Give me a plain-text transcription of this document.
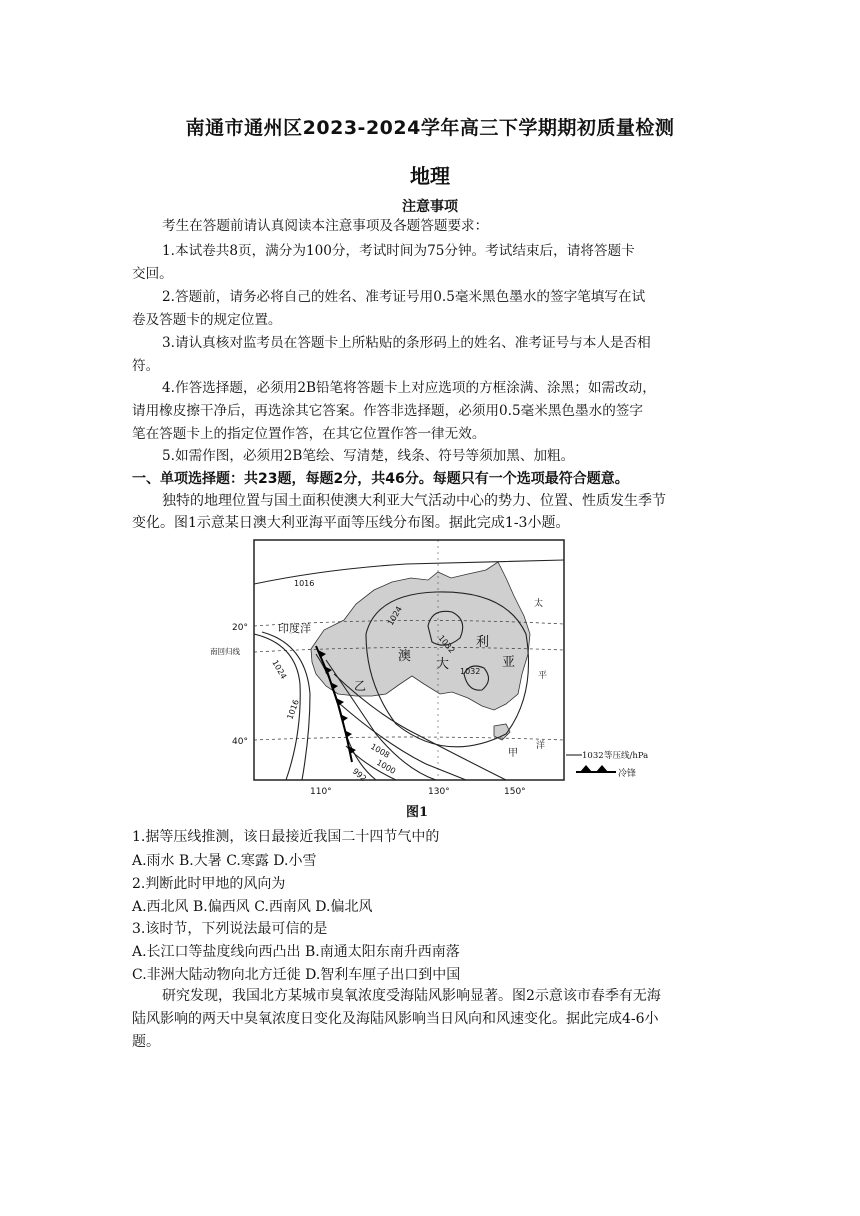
南通市通州区2023-2024学年高三下学期期初质量检测
地理
注意事项
考生在答题前请认真阅读本注意事项及各题答题要求：
1.本试卷共8页，满分为100分，考试时间为75分钟。考试结束后，请将答题卡
交回。
2.答题前，请务必将自己的姓名、准考证号用0.5毫米黑色墨水的签字笔填写在试
卷及答题卡的规定位置。
3.请认真核对监考员在答题卡上所粘贴的条形码上的姓名、准考证号与本人是否相
符。
4.作答选择题，必须用2B铅笔将答题卡上对应选项的方框涂满、涂黑；如需改动，
请用橡皮擦干净后，再选涂其它答案。作答非选择题，必须用0.5毫米黑色墨水的签字
笔在答题卡上的指定位置作答，在其它位置作答一律无效。
5.如需作图，必须用2B笔绘、写清楚，线条、符号等须加黑、加粗。
一、单项选择题：共23题，每题2分，共46分。每题只有一个选项最符合题意。
独特的地理位置与国土面积使澳大利亚大气活动中心的势力、位置、性质发生季节
变化。图1示意某日澳大利亚海平面等压线分布图。据此完成1-3小题。
20°
南回归线
40°
110°	130°	150°
1016
1024
1032
1032
1024
1016
1008
1000
992
印度洋
澳
大
利
亚
太
平
洋
乙
甲	1032 等压线/hPa
冷锋
图1
1.据等压线推测，该日最接近我国二十四节气中的
A.雨水 B.大暑 C.寒露 D.小雪
2.判断此时甲地的风向为
A.西北风 B.偏西风 C.西南风 D.偏北风
3.该时节，下列说法最可信的是
A.长江口等盐度线向西凸出 B.南通太阳东南升西南落
C.非洲大陆动物向北方迁徙 D.智利车厘子出口到中国
研究发现，我国北方某城市臭氧浓度受海陆风影响显著。图2示意该市春季有无海
陆风影响的两天中臭氧浓度日变化及海陆风影响当日风向和风速变化。据此完成4-6小
题。
